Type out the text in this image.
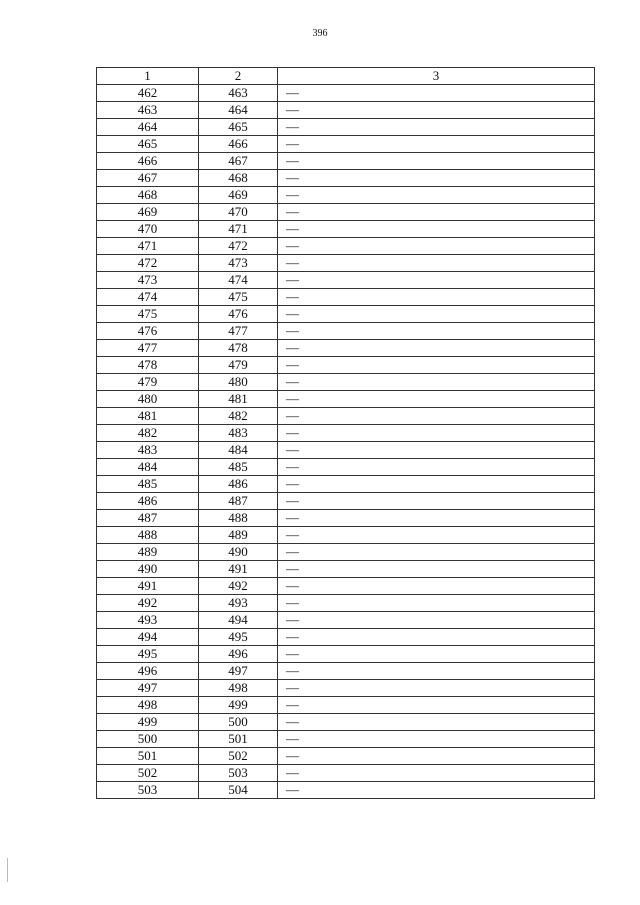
396
1	2	3
462	463	—
463	464	—
464	465	—
465	466	—
466	467	—
467	468	—
468	469	—
469	470	—
470	471	—
471	472	—
472	473	—
473	474	—
474	475	—
475	476	—
476	477	—
477	478	—
478	479	—
479	480	—
480	481	—
481	482	—
482	483	—
483	484	—
484	485	—
485	486	—
486	487	—
487	488	—
488	489	—
489	490	—
490	491	—
491	492	—
492	493	—
493	494	—
494	495	—
495	496	—
496	497	—
497	498	—
498	499	—
499	500	—
500	501	—
501	502	—
502	503	—
503	504	—
